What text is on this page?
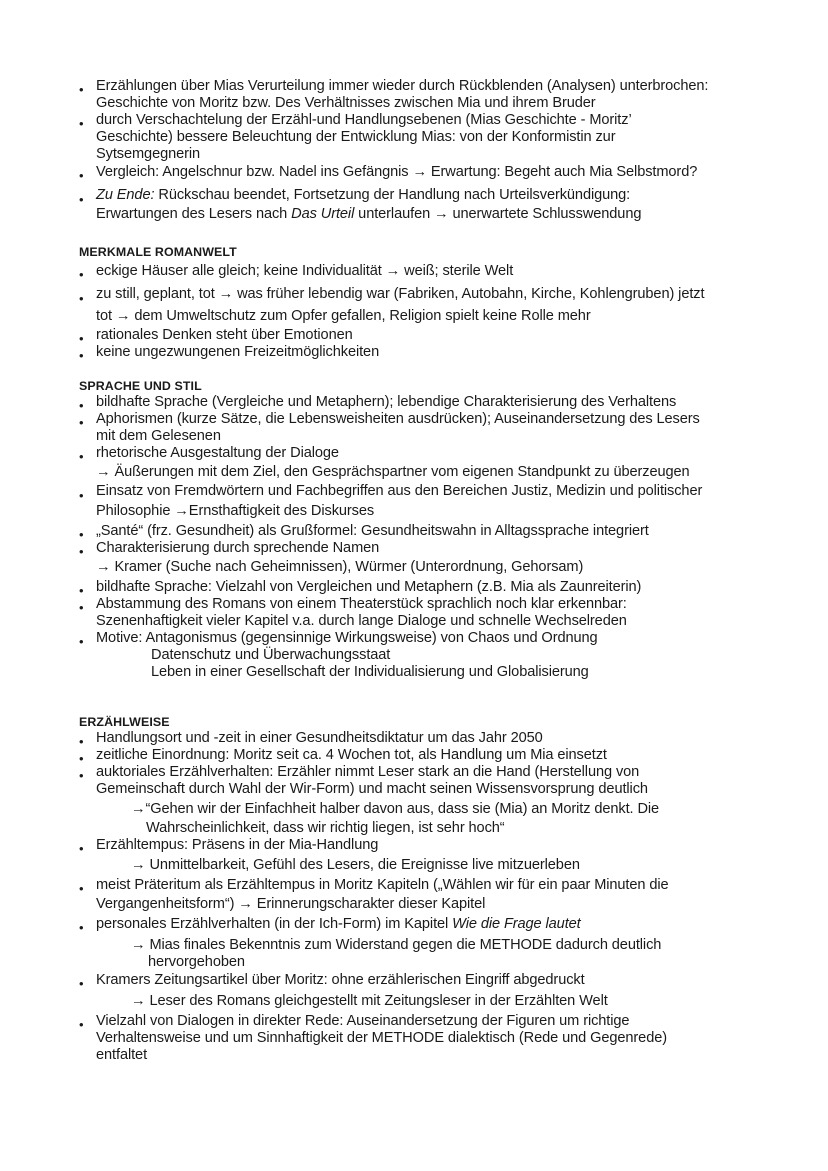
•
Erzählungen über Mias Verurteilung immer wieder durch Rückblenden (Analysen) unterbrochen:
Geschichte von Moritz bzw. Des Verhältnisses zwischen Mia und ihrem Bruder
•
durch Verschachtelung der Erzähl-und Handlungsebenen (Mias Geschichte - Moritz’
Geschichte) bessere Beleuchtung der Entwicklung Mias: von der Konformistin zur
Sytsemgegnerin
•
Vergleich: Angelschnur bzw. Nadel ins Gefängnis → Erwartung: Begeht auch Mia Selbstmord?
•
Zu Ende: Rückschau beendet, Fortsetzung der Handlung nach Urteilsverkündigung:
Erwartungen des Lesers nach Das Urteil unterlaufen → unerwartete Schlusswendung
MERKMALE ROMANWELT
•
eckige Häuser alle gleich; keine Individualität → weiß; sterile Welt
•
zu still, geplant, tot → was früher lebendig war (Fabriken, Autobahn, Kirche, Kohlengruben) jetzt
tot → dem Umweltschutz zum Opfer gefallen, Religion spielt keine Rolle mehr
•
rationales Denken steht über Emotionen
•
keine ungezwungenen Freizeitmöglichkeiten
SPRACHE UND STIL
•
bildhafte Sprache (Vergleiche und Metaphern); lebendige Charakterisierung des Verhaltens
•
Aphorismen (kurze Sätze, die Lebensweisheiten ausdrücken); Auseinandersetzung des Lesers
mit dem Gelesenen
•
rhetorische Ausgestaltung der Dialoge
→ Äußerungen mit dem Ziel, den Gesprächspartner vom eigenen Standpunkt zu überzeugen
•
Einsatz von Fremdwörtern und Fachbegriffen aus den Bereichen Justiz, Medizin und politischer
Philosophie →Ernsthaftigkeit des Diskurses
•
„Santé“ (frz. Gesundheit) als Grußformel: Gesundheitswahn in Alltagssprache integriert
•
Charakterisierung durch sprechende Namen
→ Kramer (Suche nach Geheimnissen), Würmer (Unterordnung, Gehorsam)
•
bildhafte Sprache: Vielzahl von Vergleichen und Metaphern (z.B. Mia als Zaunreiterin)
•
Abstammung des Romans von einem Theaterstück sprachlich noch klar erkennbar:
Szenenhaftigkeit vieler Kapitel v.a. durch lange Dialoge und schnelle Wechselreden
•
Motive: Antagonismus (gegensinnige Wirkungsweise) von Chaos und Ordnung
Datenschutz und Überwachungsstaat
Leben in einer Gesellschaft der Individualisierung und Globalisierung
ERZÄHLWEISE
•
Handlungsort und -zeit in einer Gesundheitsdiktatur um das Jahr 2050
•
zeitliche Einordnung: Moritz seit ca. 4 Wochen tot, als Handlung um Mia einsetzt
•
auktoriales Erzählverhalten: Erzähler nimmt Leser stark an die Hand (Herstellung von
Gemeinschaft durch Wahl der Wir-Form) und macht seinen Wissensvorsprung deutlich
→“Gehen wir der Einfachheit halber davon aus, dass sie (Mia) an Moritz denkt. Die
Wahrscheinlichkeit, dass wir richtig liegen, ist sehr hoch“
•
Erzähltempus: Präsens in der Mia-Handlung
→ Unmittelbarkeit, Gefühl des Lesers, die Ereignisse live mitzuerleben
•
meist Präteritum als Erzähltempus in Moritz Kapiteln („Wählen wir für ein paar Minuten die
Vergangenheitsform“) → Erinnerungscharakter dieser Kapitel
•
personales Erzählverhalten (in der Ich-Form) im Kapitel Wie die Frage lautet
→ Mias finales Bekenntnis zum Widerstand gegen die METHODE dadurch deutlich
hervorgehoben
•
Kramers Zeitungsartikel über Moritz: ohne erzählerischen Eingriff abgedruckt
→ Leser des Romans gleichgestellt mit Zeitungsleser in der Erzählten Welt
•
Vielzahl von Dialogen in direkter Rede: Auseinandersetzung der Figuren um richtige
Verhaltensweise und um Sinnhaftigkeit der METHODE dialektisch (Rede und Gegenrede)
entfaltet
